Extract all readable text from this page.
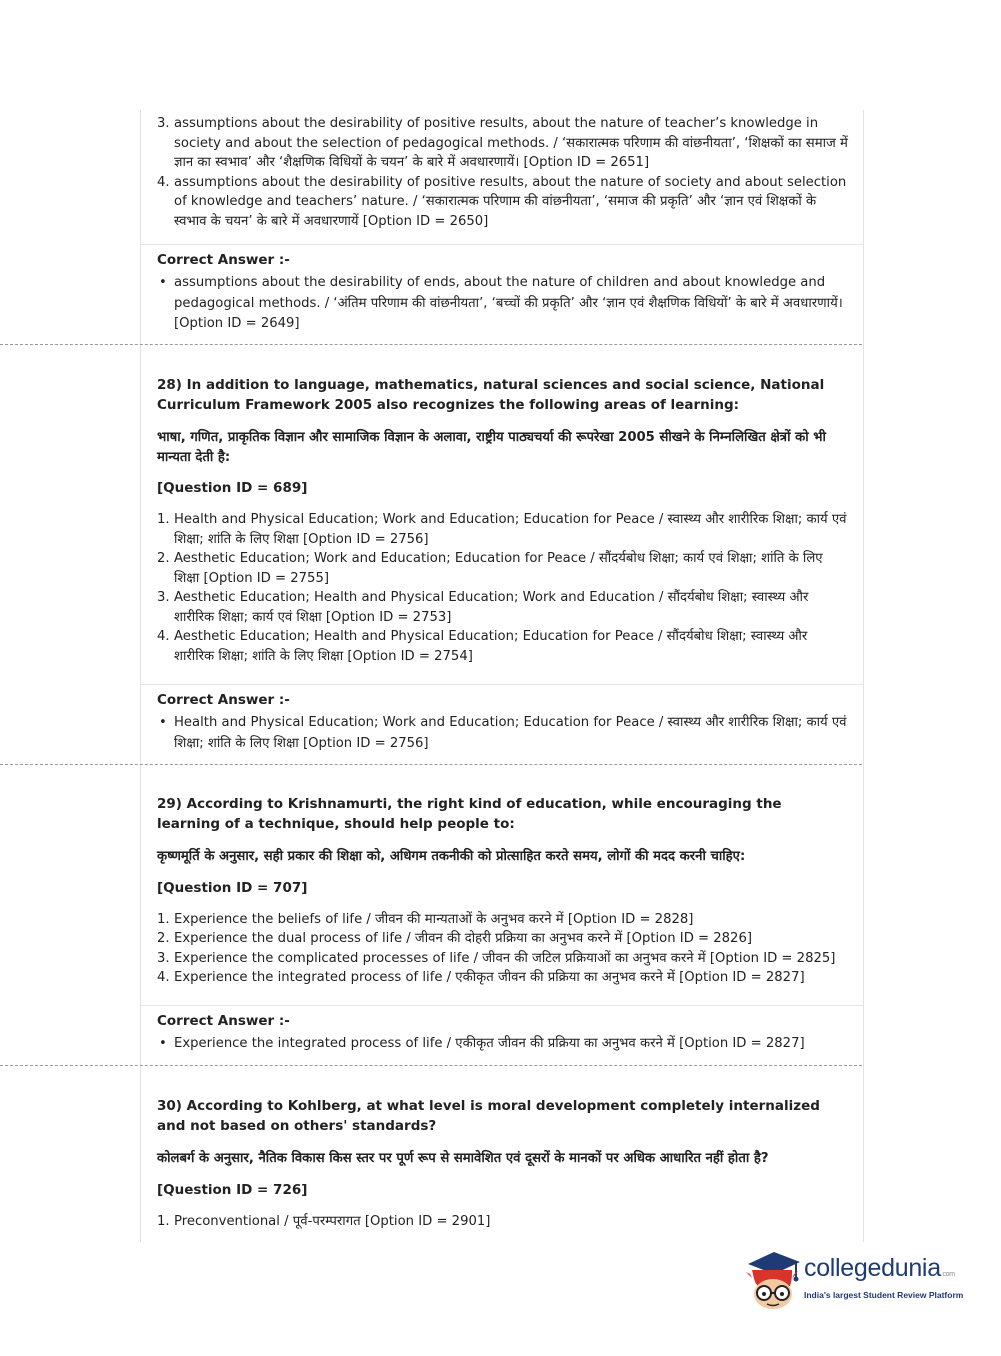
3. assumptions about the desirability of positive results, about the nature of teacher’s knowledge in society and about the selection of pedagogical methods. / ‘सकारात्मक परिणाम की वांछनीयता’, ‘शिक्षकों का समाज में ज्ञान का स्वभाव’ और ‘शैक्षणिक विधियों के चयन’ के बारे में अवधारणायें। [Option ID = 2651]

4. assumptions about the desirability of positive results, about the nature of society and about selection of knowledge and teachers’ nature. / ‘सकारात्मक परिणाम की वांछनीयता’, ‘समाज की प्रकृति’ और ‘ज्ञान एवं शिक्षकों के स्वभाव के चयन’ के बारे में अवधारणायें [Option ID = 2650]

Correct Answer :-

• assumptions about the desirability of ends, about the nature of children and about knowledge and pedagogical methods. / ‘अंतिम परिणाम की वांछनीयता’, ‘बच्चों की प्रकृति’ और ‘ज्ञान एवं शैक्षणिक विधियों’ के बारे में अवधारणायें। [Option ID = 2649]

28) In addition to language, mathematics, natural sciences and social science, National Curriculum Framework 2005 also recognizes the following areas of learning:

भाषा, गणित, प्राकृतिक विज्ञान और सामाजिक विज्ञान के अलावा, राष्ट्रीय पाठ्यचर्या की रूपरेखा 2005 सीखने के निम्नलिखित क्षेत्रों को भी मान्यता देती है:

[Question ID = 689]

1. Health and Physical Education; Work and Education; Education for Peace / स्वास्थ्य और शारीरिक शिक्षा; कार्य एवं शिक्षा; शांति के लिए शिक्षा [Option ID = 2756]

2. Aesthetic Education; Work and Education; Education for Peace / सौंदर्यबोध शिक्षा; कार्य एवं शिक्षा; शांति के लिए शिक्षा [Option ID = 2755]

3. Aesthetic Education; Health and Physical Education; Work and Education / सौंदर्यबोध शिक्षा; स्वास्थ्य और शारीरिक शिक्षा; कार्य एवं शिक्षा [Option ID = 2753]

4. Aesthetic Education; Health and Physical Education; Education for Peace / सौंदर्यबोध शिक्षा; स्वास्थ्य और शारीरिक शिक्षा; शांति के लिए शिक्षा [Option ID = 2754]

Correct Answer :-

• Health and Physical Education; Work and Education; Education for Peace / स्वास्थ्य और शारीरिक शिक्षा; कार्य एवं शिक्षा; शांति के लिए शिक्षा [Option ID = 2756]

29) According to Krishnamurti, the right kind of education, while encouraging the learning of a technique, should help people to:

कृष्णमूर्ति के अनुसार, सही प्रकार की शिक्षा को, अधिगम तकनीकी को प्रोत्साहित करते समय, लोगों की मदद करनी चाहिए:

[Question ID = 707]

1. Experience the beliefs of life / जीवन की मान्यताओं के अनुभव करने में [Option ID = 2828]

2. Experience the dual process of life / जीवन की दोहरी प्रक्रिया का अनुभव करने में [Option ID = 2826]

3. Experience the complicated processes of life / जीवन की जटिल प्रक्रियाओं का अनुभव करने में [Option ID = 2825]

4. Experience the integrated process of life / एकीकृत जीवन की प्रक्रिया का अनुभव करने में [Option ID = 2827]

Correct Answer :-

• Experience the integrated process of life / एकीकृत जीवन की प्रक्रिया का अनुभव करने में [Option ID = 2827]

30) According to Kohlberg, at what level is moral development completely internalized and not based on others' standards?

कोलबर्ग के अनुसार, नैतिक विकास किस स्तर पर पूर्ण रूप से समावेशित एवं दूसरों के मानकों पर अधिक आधारित नहीं होता है?

[Question ID = 726]

1. Preconventional / पूर्व-परम्परागत [Option ID = 2901]

collegedunia.com
India's largest Student Review Platform
